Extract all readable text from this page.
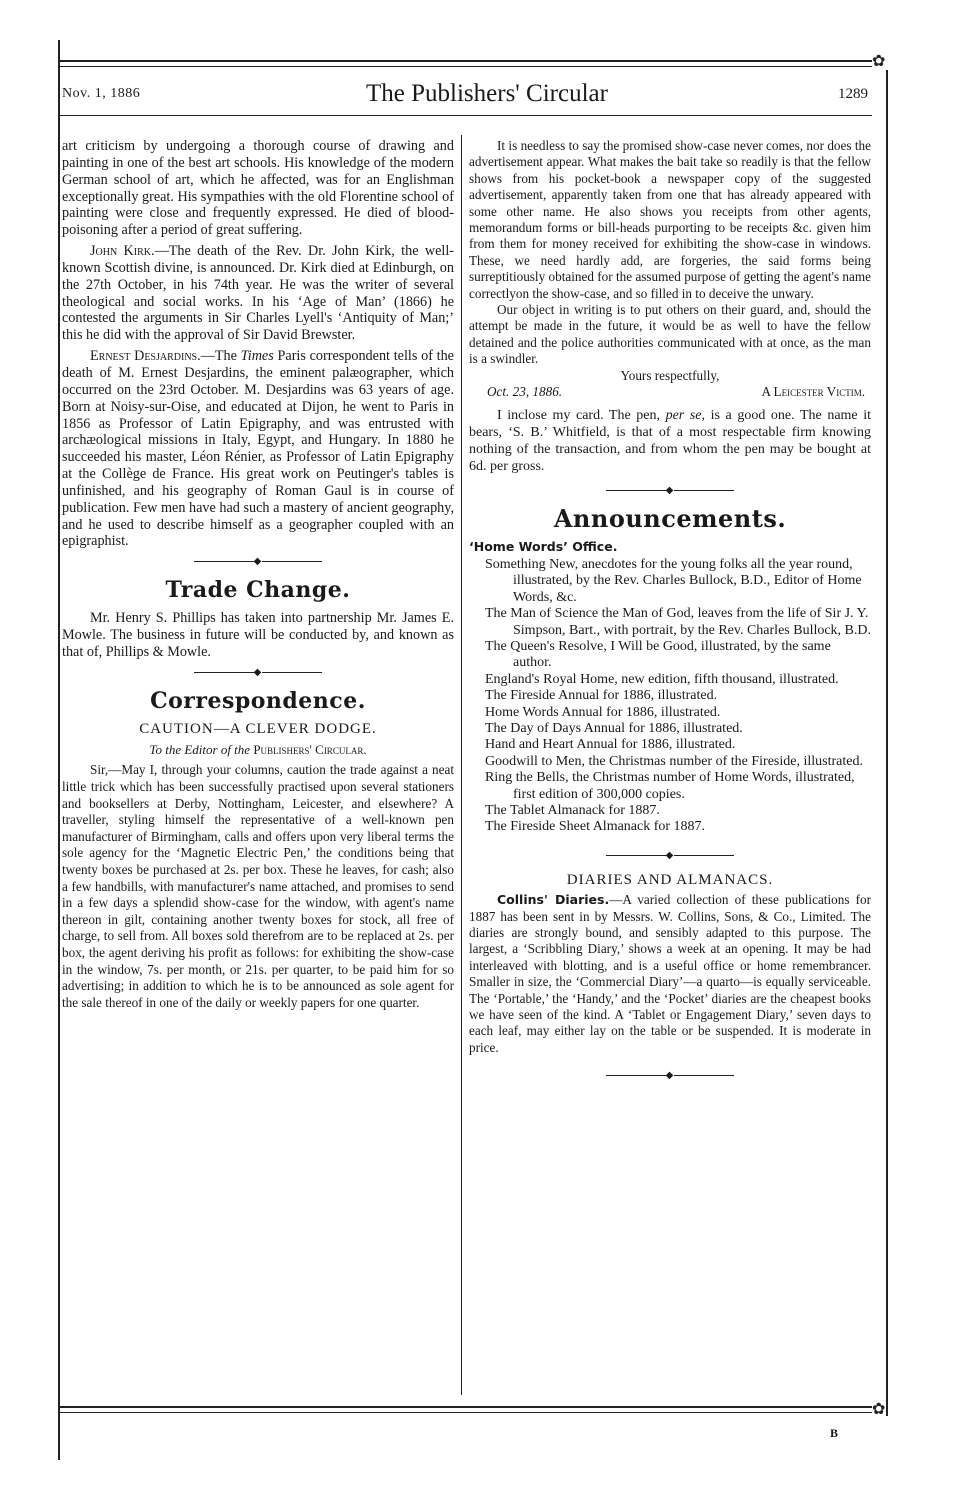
✿
✿
Nov. 1, 1886	The Publishers' Circular	1289

art criticism by undergoing a thorough course of drawing and painting in one of the best art schools. His knowledge of the modern German school of art, which he affected, was for an Englishman exceptionally great. His sympathies with the old Florentine school of painting were close and frequently expressed. He died of blood-poisoning after a period of great suffering.

John Kirk.—The death of the Rev. Dr. John Kirk, the well-known Scottish divine, is announced. Dr. Kirk died at Edinburgh, on the 27th October, in his 74th year. He was the writer of several theological and social works. In his ‘Age of Man’ (1866) he contested the arguments in Sir Charles Lyell's ‘Antiquity of Man;’ this he did with the approval of Sir David Brewster.

Ernest Desjardins.—The Times Paris correspondent tells of the death of M. Ernest Desjardins, the eminent palæographer, which occurred on the 23rd October. M. Desjardins was 63 years of age. Born at Noisy-sur-Oise, and educated at Dijon, he went to Paris in 1856 as Professor of Latin Epigraphy, and was entrusted with archæological missions in Italy, Egypt, and Hungary. In 1880 he succeeded his master, Léon Rénier, as Professor of Latin Epigraphy at the Collège de France. His great work on Peutinger's tables is unfinished, and his geography of Roman Gaul is in course of publication. Few men have had such a mastery of ancient geography, and he used to describe himself as a geographer coupled with an epigraphist.

◆
Trade Change.

Mr. Henry S. Phillips has taken into partnership Mr. James E. Mowle. The business in future will be conducted by, and known as that of, Phillips & Mowle.

◆
Correspondence.
CAUTION—A CLEVER DODGE.
To the Editor of the Publishers' Circular.

Sir,—May I, through your columns, caution the trade against a neat little trick which has been successfully practised upon several stationers and booksellers at Derby, Nottingham, Leicester, and elsewhere? A traveller, styling himself the representative of a well-known pen manufacturer of Birmingham, calls and offers upon very liberal terms the sole agency for the ‘Magnetic Electric Pen,’ the conditions being that twenty boxes be purchased at 2s. per box. These he leaves, for cash; also a few handbills, with manufacturer's name attached, and promises to send in a few days a splendid show-case for the window, with agent's name thereon in gilt, containing another twenty boxes for stock, all free of charge, to sell from. All boxes sold therefrom are to be replaced at 2s. per box, the agent deriving his profit as follows: for exhibiting the show-case in the window, 7s. per month, or 21s. per quarter, to be paid him for so advertising; in addition to which he is to be announced as sole agent for the sale thereof in one of the daily or weekly papers for one quarter.

It is needless to say the promised show-case never comes, nor does the advertisement appear. What makes the bait take so readily is that the fellow shows from his pocket-book a newspaper copy of the suggested advertisement, apparently taken from one that has already appeared with some other name. He also shows you receipts from other agents, memorandum forms or bill-heads purporting to be receipts &c. given him from them for money received for exhibiting the show-case in windows. These, we need hardly add, are forgeries, the said forms being surreptitiously obtained for the assumed purpose of getting the agent's name correctlyon the show-case, and so filled in to deceive the unwary.

Our object in writing is to put others on their guard, and, should the attempt be made in the future, it would be as well to have the fellow detained and the police authorities communicated with at once, as the man is a swindler.

Yours respectfully,

Oct. 23, 1886.	A Leicester Victim.

I inclose my card. The pen, per se, is a good one. The name it bears, ‘S. B.’ Whitfield, is that of a most respectable firm knowing nothing of the transaction, and from whom the pen may be bought at 6d. per gross.

◆
Announcements.
‘Home Words’ Office.

Something New, anecdotes for the young folks all the year round, illustrated, by the Rev. Charles Bullock, B.D., Editor of Home Words, &c.

The Man of Science the Man of God, leaves from the life of Sir J. Y. Simpson, Bart., with portrait, by the Rev. Charles Bullock, B.D.

The Queen's Resolve, I Will be Good, illustrated, by the same author.

England's Royal Home, new edition, fifth thousand, illustrated.

The Fireside Annual for 1886, illustrated.

Home Words Annual for 1886, illustrated.

The Day of Days Annual for 1886, illustrated.

Hand and Heart Annual for 1886, illustrated.

Goodwill to Men, the Christmas number of the Fireside, illustrated.

Ring the Bells, the Christmas number of Home Words, illustrated, first edition of 300,000 copies.

The Tablet Almanack for 1887.

The Fireside Sheet Almanack for 1887.

◆
DIARIES AND ALMANACS.

Collins' Diaries.—A varied collection of these publications for 1887 has been sent in by Messrs. W. Collins, Sons, & Co., Limited. The diaries are strongly bound, and sensibly adapted to this purpose. The largest, a ‘Scribbling Diary,’ shows a week at an opening. It may be had interleaved with blotting, and is a useful office or home remembrancer. Smaller in size, the ‘Commercial Diary’—a quarto—is equally serviceable. The ‘Portable,’ the ‘Handy,’ and the ‘Pocket’ diaries are the cheapest books we have seen of the kind. A ‘Tablet or Engagement Diary,’ seven days to each leaf, may either lay on the table or be suspended. It is moderate in price.

◆
B
